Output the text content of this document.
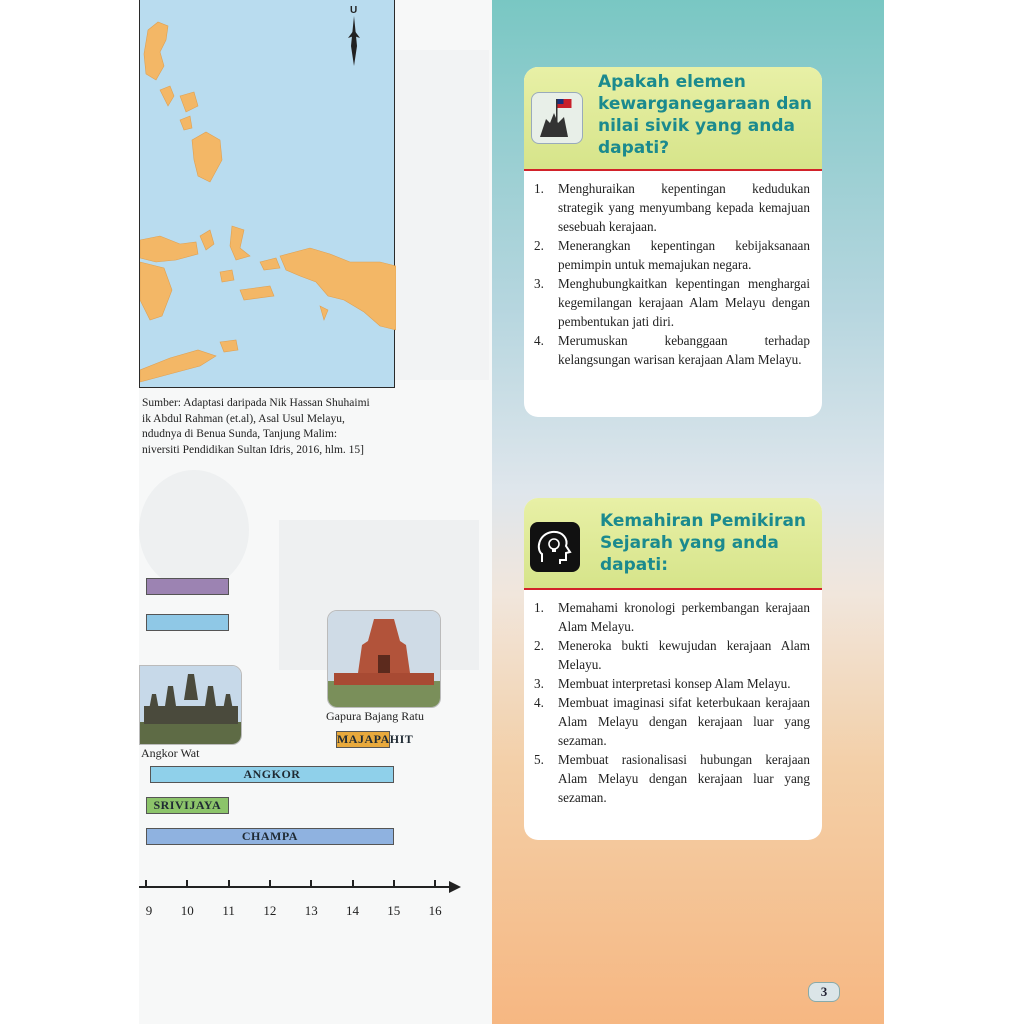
U
Sumber: Adaptasi daripada Nik Hassan Shuhaimi
ik Abdul Rahman (et.al), Asal Usul Melayu,
ndudnya di Benua Sunda, Tanjung Malim:
niversiti Pendidikan Sultan Idris, 2016, hlm. 15]
MAJAPAHIT
ANGKOR
SRIVIJAYA
CHAMPA
9	10 11 12 13 14 15 16
Gapura Bajang Ratu
Angkor Wat
Apakah elemen
kewarganegaraan dan
nilai sivik yang anda
dapati?
1. Menghuraikan kepentingan kedudukan strategik yang menyumbang kepada kemajuan sesebuah kerajaan.
2. Menerangkan kepentingan kebijaksanaan pemimpin untuk memajukan negara.
3. Menghubungkaitkan kepentingan menghargai kegemilangan kerajaan Alam Melayu dengan pembentukan jati diri.
4. Merumuskan kebanggaan terhadap kelangsungan warisan kerajaan Alam Melayu.
Kemahiran Pemikiran
Sejarah yang anda
dapati:
1. Memahami kronologi perkembangan kerajaan Alam Melayu.
2. Meneroka bukti kewujudan kerajaan Alam Melayu.
3. Membuat interpretasi konsep Alam Melayu.
4. Membuat imaginasi sifat keterbukaan kerajaan Alam Melayu dengan kerajaan luar yang sezaman.
5. Membuat rasionalisasi hubungan kerajaan Alam Melayu dengan kerajaan luar yang sezaman.
3
